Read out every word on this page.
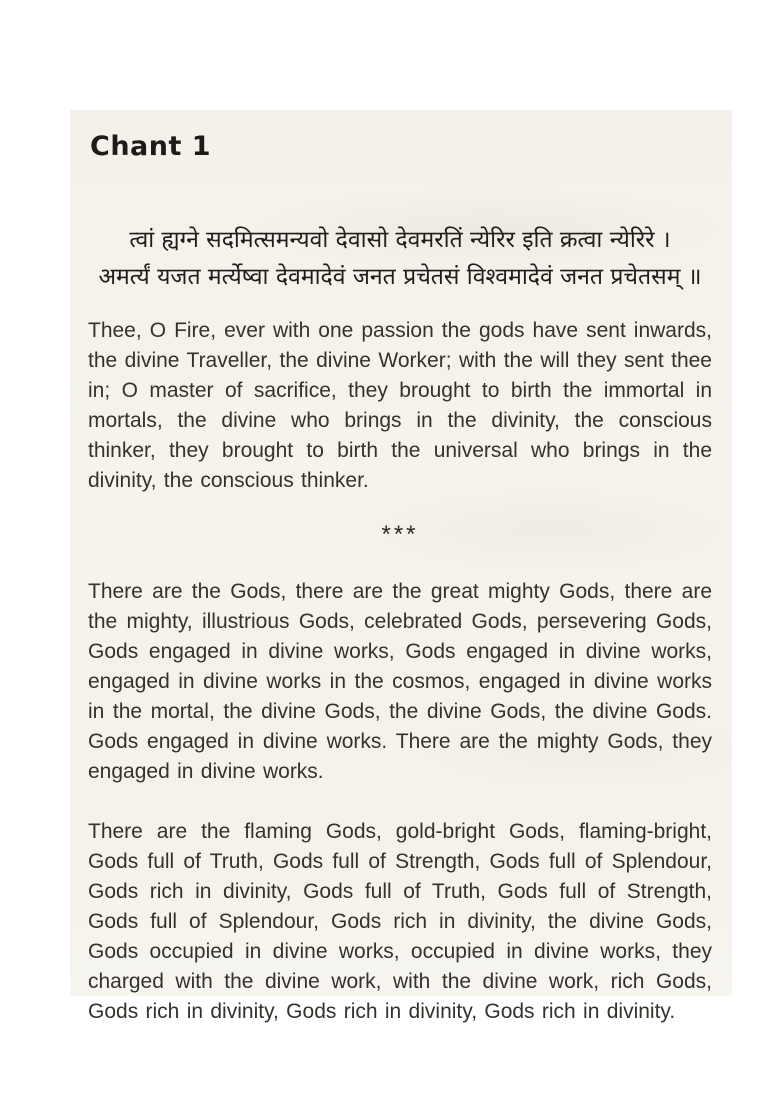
Chant 1
त्वां ह्यग्ने सदमित्समन्यवो देवासो देवमरतिं न्येरिर इति क्रत्वा न्येरिरे ।
अमर्त्यं यजत मर्त्येष्वा देवमादेवं जनत प्रचेतसं विश्वमादेवं जनत प्रचेतसम् ॥

Thee, O Fire, ever with one passion the gods have sent inwards, the divine Traveller, the divine Worker; with the will they sent thee in; O master of sacrifice, they brought to birth the immortal in mortals, the divine who brings in the divinity, the conscious thinker, they brought to birth the universal who brings in the divinity, the conscious thinker.

***

There are the Gods, there are the great mighty Gods, there are the mighty, illustrious Gods, celebrated Gods, persevering Gods, Gods engaged in divine works, Gods engaged in divine works, engaged in divine works in the cosmos, engaged in divine works in the mortal, the divine Gods, the divine Gods, the divine Gods. Gods engaged in divine works. There are the mighty Gods, they engaged in divine works.

There are the flaming Gods, gold-bright Gods, flaming-bright, Gods full of Truth, Gods full of Strength, Gods full of Splendour, Gods rich in divinity, Gods full of Truth, Gods full of Strength, Gods full of Splendour, Gods rich in divinity, the divine Gods, Gods occupied in divine works, occupied in divine works, they charged with the divine work, with the divine work, rich Gods, Gods rich in divinity, Gods rich in divinity, Gods rich in divinity.
